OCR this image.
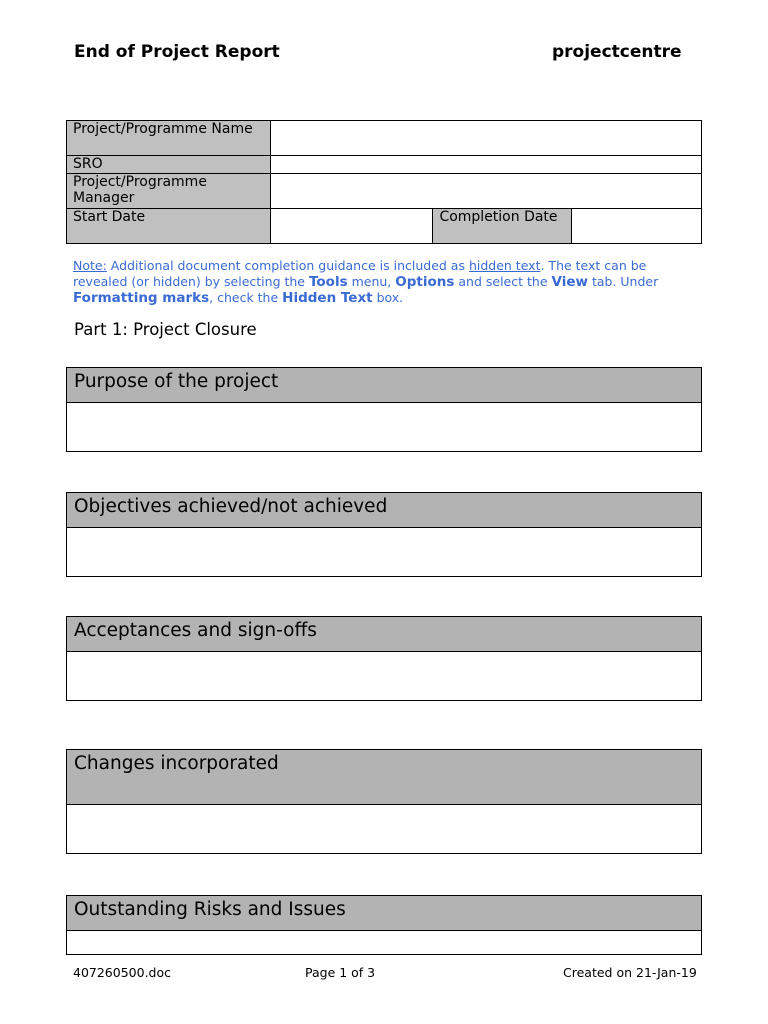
End of Project Report	projectcentre
Project/Programme Name			
SRO			
Project/Programme Manager			
Start Date		Completion Date	
Note: Additional document completion guidance is included as hidden text. The text can be revealed (or hidden) by selecting the Tools menu, Options and select the View tab. Under Formatting marks, check the Hidden Text box.
Part 1: Project Closure
Purpose of the project
Objectives achieved/not achieved
Acceptances and sign-offs
Changes incorporated
Outstanding Risks and Issues
407260500.doc	Page 1 of 3	Created on 21-Jan-19
